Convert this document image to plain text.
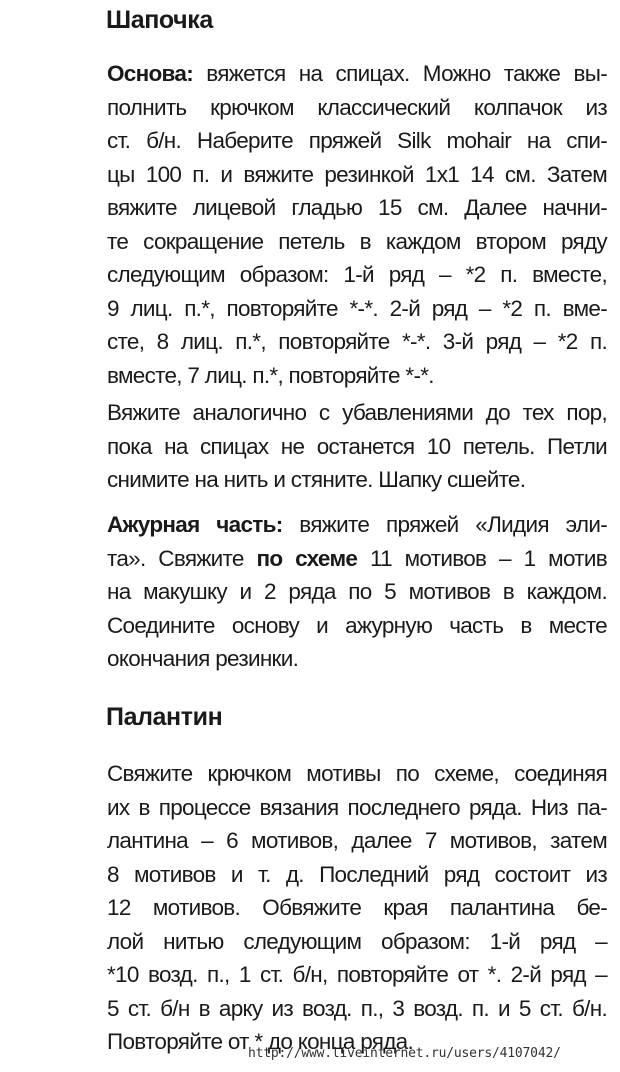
Шапочка
Основа: вяжется на спицах. Можно также вы-
полнить крючком классический колпачок из
ст. б/н. Наберите пряжей Silk mohair на спи-
цы 100 п. и вяжите резинкой 1х1 14 см. Затем
вяжите лицевой гладью 15 см. Далее начни-
те сокращение петель в каждом втором ряду
следующим образом: 1-й ряд – *2 п. вместе,
9 лиц. п.*, повторяйте *-*. 2-й ряд – *2 п. вме-
сте, 8 лиц. п.*, повторяйте *-*. 3-й ряд – *2 п.
вместе, 7 лиц. п.*, повторяйте *-*.
Вяжите аналогично с убавлениями до тех пор,
пока на спицах не останется 10 петель. Петли
снимите на нить и стяните. Шапку сшейте.
Ажурная часть: вяжите пряжей «Лидия эли-
та». Свяжите по схеме 11 мотивов – 1 мотив
на макушку и 2 ряда по 5 мотивов в каждом.
Соедините основу и ажурную часть в месте
окончания резинки.
Палантин
Свяжите крючком мотивы по схеме, соединяя
их в процессе вязания последнего ряда. Низ па-
лантина – 6 мотивов, далее 7 мотивов, затем
8 мотивов и т. д. Последний ряд состоит из
12 мотивов. Обвяжите края палантина бе-
лой нитью следующим образом: 1-й ряд –
*10 возд. п., 1 ст. б/н, повторяйте от *. 2-й ряд –
5 ст. б/н в арку из возд. п., 3 возд. п. и 5 ст. б/н.
Повторяйте от * до конца ряда.
http://www.liveinternet.ru/users/4107042/
